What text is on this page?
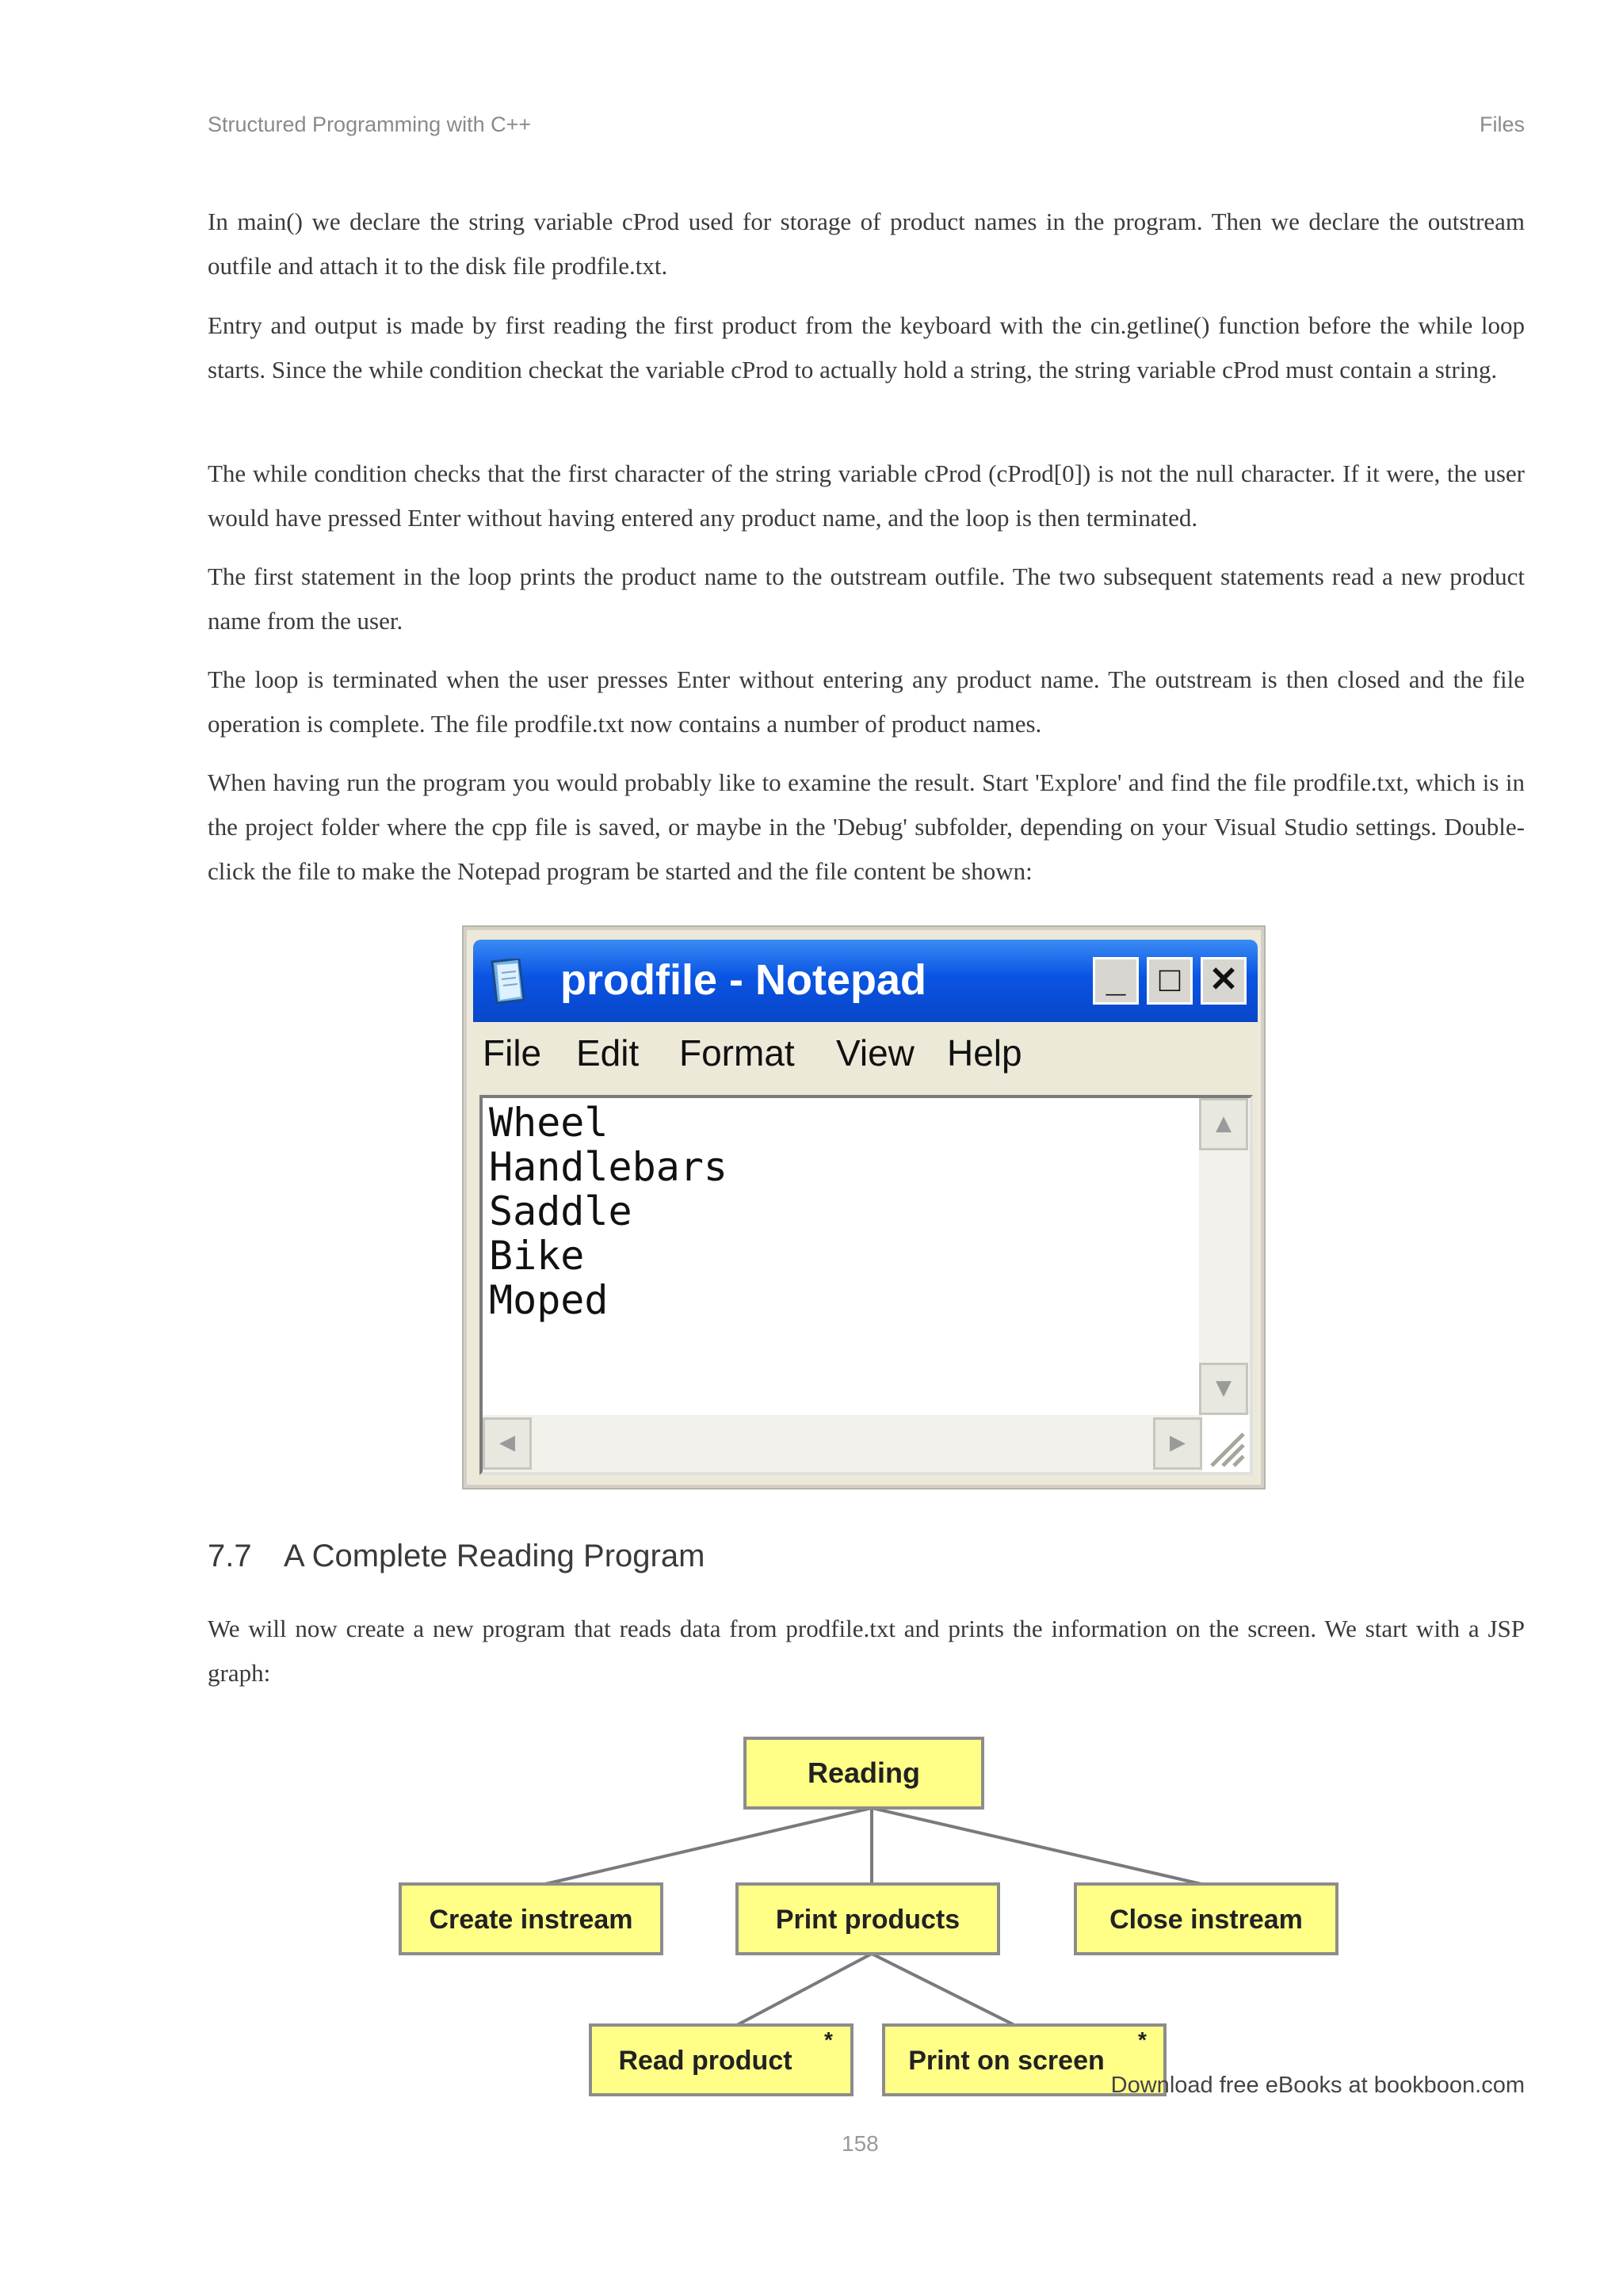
Structured Programming with C++	Files

In main() we declare the string variable cProd used for storage of product names in the program. Then we declare the outstream outfile and attach it to the disk file prodfile.txt.

Entry and output is made by first reading the first product from the keyboard with the cin.getline() function before the while loop starts. Since the while condition checkat the variable cProd to actually hold a string, the string variable cProd must contain a string.

The while condition checks that the first character of the string variable cProd (cProd[0]) is not the null character. If it were, the user would have pressed Enter without having entered any product name, and the loop is then terminated.

The first statement in the loop prints the product name to the outstream outfile. The two subsequent statements read a new product name from the user.

The loop is terminated when the user presses Enter without entering any product name. The outstream is then closed and the file operation is complete. The file prodfile.txt now contains a number of product names.

When having run the program you would probably like to examine the result. Start 'Explore' and find the file prodfile.txt, which is in the project folder where the cpp file is saved, or maybe in the 'Debug' subfolder, depending on your Visual Studio settings. Double-click the file to make the Notepad program be started and the file content be shown:

prodfile - Notepad	_ □ ✕
File Edit Format View Help
Wheel
Handlebars
Saddle
Bike
Moped
▲
▼
◀	▶
7.7 A Complete Reading Program

We will now create a new program that reads data from prodfile.txt and prints the information on the screen. We start with a JSP graph:

Reading
Create instream	Print products	Close instream
Read product
*
Print on screen
*
Download free eBooks at bookboon.com
158
